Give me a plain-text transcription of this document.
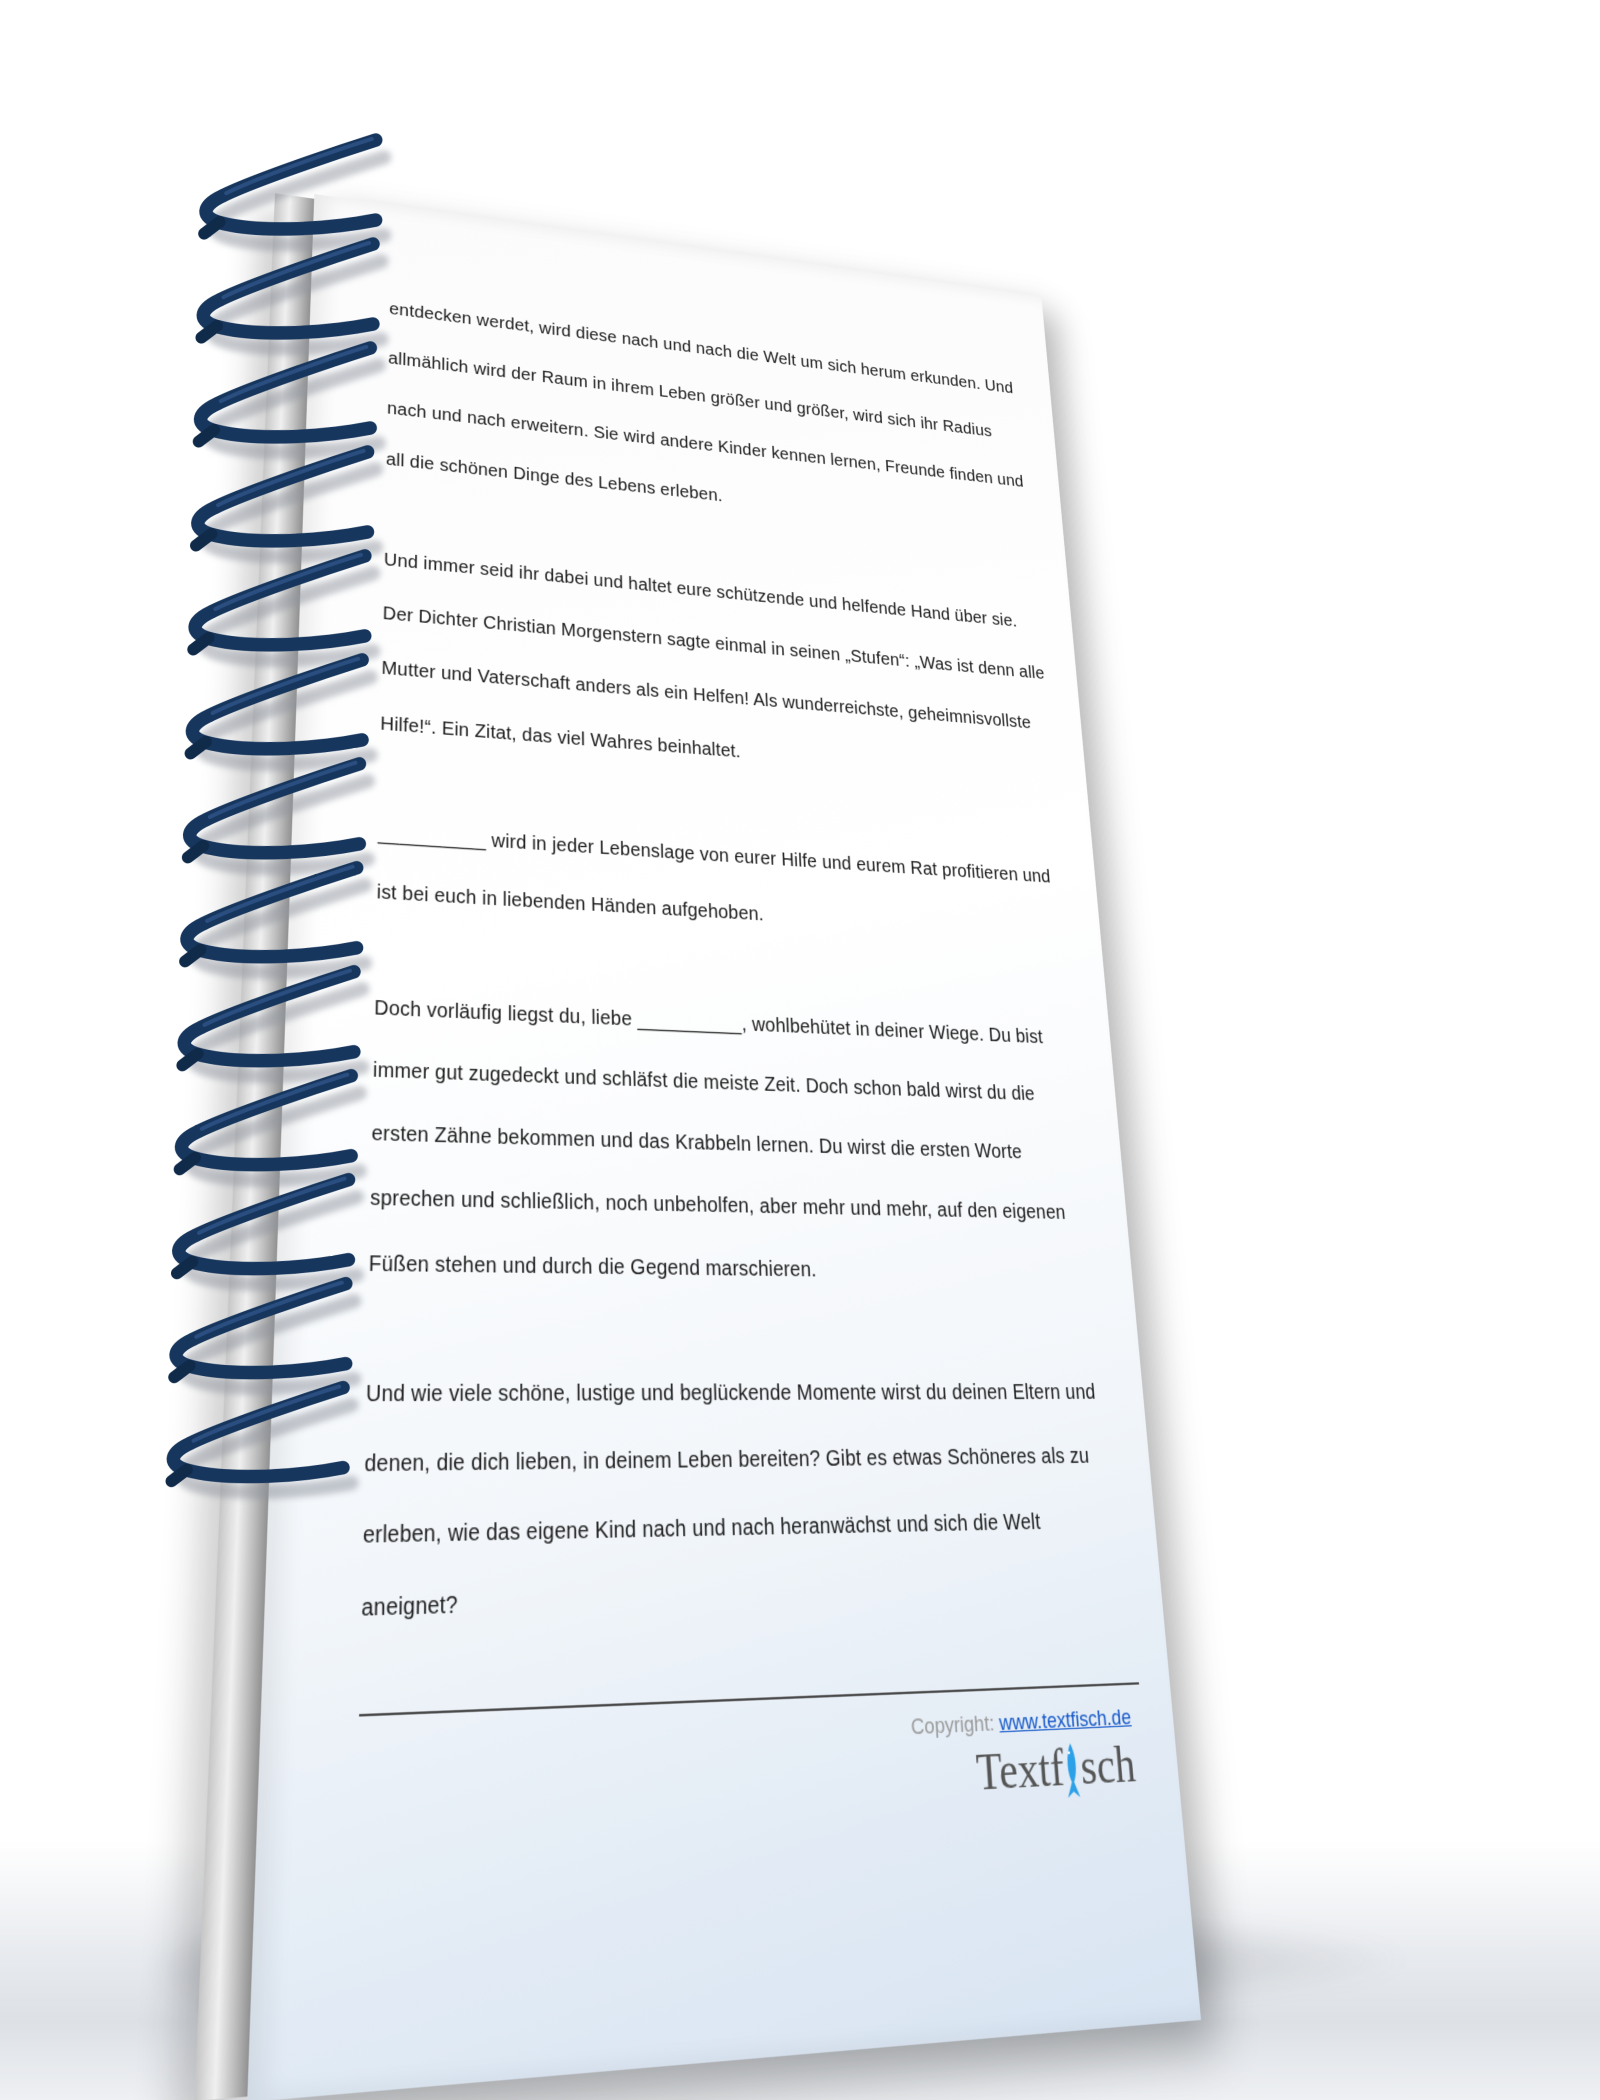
entdecken werdet, wird diese nach und nach die Welt um sich herum erkunden. Und allmählich wird der Raum in ihrem Leben größer und größer, wird sich ihr Radius nach und nach erweitern. Sie wird andere Kinder kennen lernen, Freunde finden und all die schönen Dinge des Lebens erleben.

Und immer seid ihr dabei und haltet eure schützende und helfende Hand über sie. Der Dichter Christian Morgenstern sagte einmal in seinen „Stufen“: „Was ist denn alle Mutter und Vaterschaft anders als ein Helfen! Als wunderreichste, geheimnisvollste Hilfe!“. Ein Zitat, das viel Wahres beinhaltet.

__________ wird in jeder Lebenslage von eurer Hilfe und eurem Rat profitieren und ist bei euch in liebenden Händen aufgehoben.

Doch vorläufig liegst du, liebe __________, wohlbehütet in deiner Wiege. Du bist immer gut zugedeckt und schläfst die meiste Zeit. Doch schon bald wirst du die ersten Zähne bekommen und das Krabbeln lernen. Du wirst die ersten Worte sprechen und schließlich, noch unbeholfen, aber mehr und mehr, auf den eigenen Füßen stehen und durch die Gegend marschieren.

Und wie viele schöne, lustige und beglückende Momente wirst du deinen Eltern und denen, die dich lieben, in deinem Leben bereiten? Gibt es etwas Schöneres als zu erleben, wie das eigene Kind nach und nach heranwächst und sich die Welt aneignet?

Copyright: www.textfisch.de
Textf sch
